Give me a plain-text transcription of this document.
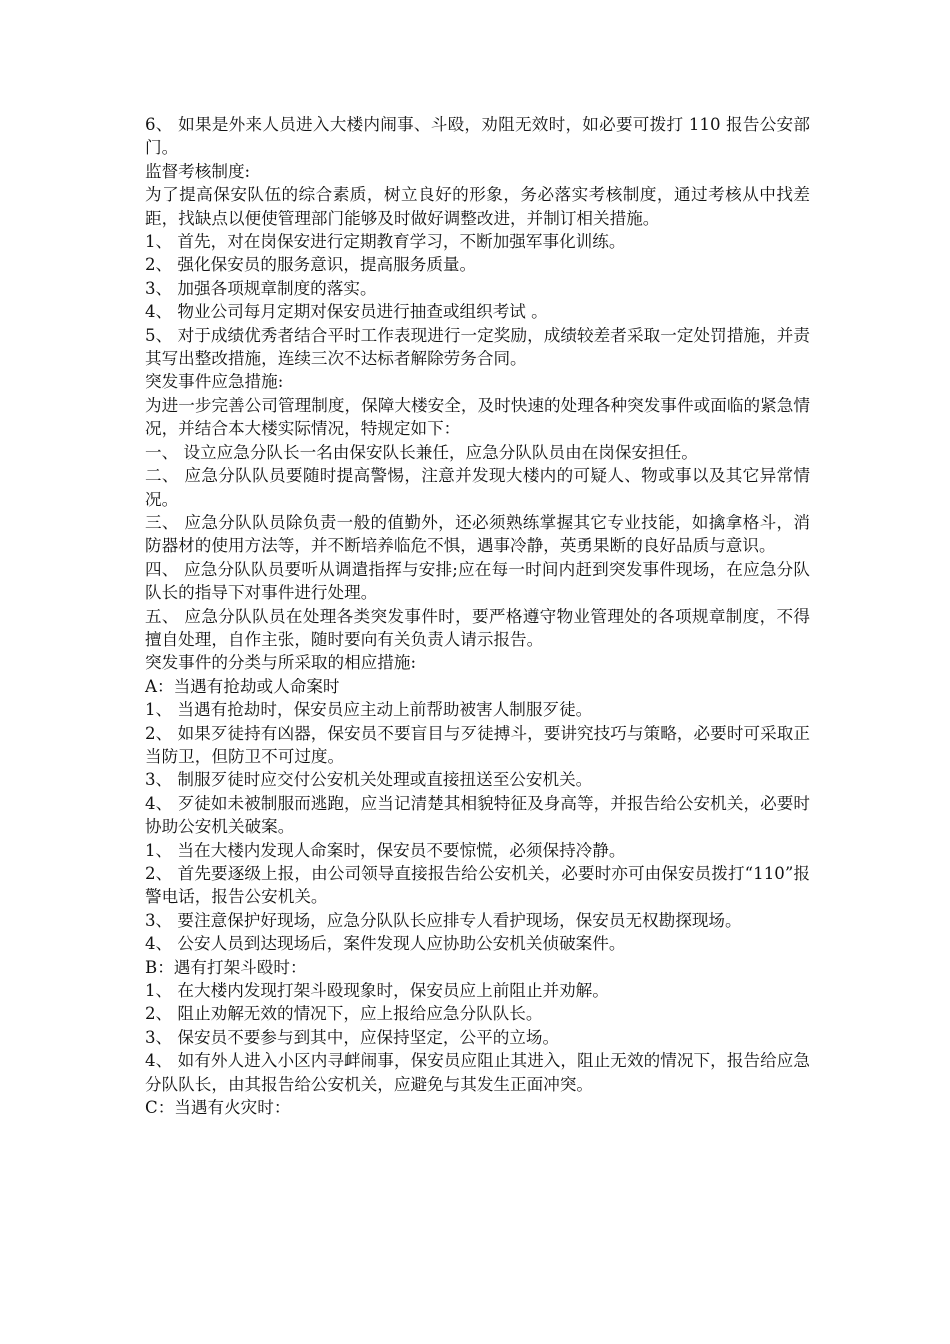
6、 如果是外来人员进入大楼内闹事、斗殴，劝阻无效时，如必要可拨打 110 报告公安部门。

监督考核制度:

为了提高保安队伍的综合素质，树立良好的形象，务必落实考核制度，通过考核从中找差距，找缺点以便使管理部门能够及时做好调整改进，并制订相关措施。

1、 首先，对在岗保安进行定期教育学习，不断加强军事化训练。

2、 强化保安员的服务意识，提高服务质量。

3、 加强各项规章制度的落实。

4、 物业公司每月定期对保安员进行抽查或组织考试 。

5、 对于成绩优秀者结合平时工作表现进行一定奖励，成绩较差者采取一定处罚措施，并责其写出整改措施，连续三次不达标者解除劳务合同。

突发事件应急措施:

为进一步完善公司管理制度，保障大楼安全，及时快速的处理各种突发事件或面临的紧急情况，并结合本大楼实际情况，特规定如下：

一、 设立应急分队长一名由保安队长兼任，应急分队队员由在岗保安担任。

二、 应急分队队员要随时提高警惕，注意并发现大楼内的可疑人、物或事以及其它异常情况。

三、 应急分队队员除负责一般的值勤外，还必须熟练掌握其它专业技能，如擒拿格斗，消防器材的使用方法等，并不断培养临危不惧，遇事冷静，英勇果断的良好品质与意识。

四、 应急分队队员要听从调遣指挥与安排;应在每一时间内赶到突发事件现场，在应急分队队长的指导下对事件进行处理。

五、 应急分队队员在处理各类突发事件时，要严格遵守物业管理处的各项规章制度，不得擅自处理，自作主张，随时要向有关负责人请示报告。

突发事件的分类与所采取的相应措施:

A：当遇有抢劫或人命案时

1、 当遇有抢劫时，保安员应主动上前帮助被害人制服歹徒。

2、 如果歹徒持有凶器，保安员不要盲目与歹徒搏斗，要讲究技巧与策略，必要时可采取正当防卫，但防卫不可过度。

3、 制服歹徒时应交付公安机关处理或直接扭送至公安机关。

4、 歹徒如未被制服而逃跑，应当记清楚其相貌特征及身高等，并报告给公安机关，必要时协助公安机关破案。

1、 当在大楼内发现人命案时，保安员不要惊慌，必须保持冷静。

2、 首先要逐级上报，由公司领导直接报告给公安机关，必要时亦可由保安员拨打“110”报警电话，报告公安机关。

3、 要注意保护好现场，应急分队队长应排专人看护现场，保安员无权勘探现场。

4、 公安人员到达现场后，案件发现人应协助公安机关侦破案件。

B：遇有打架斗殴时：

1、 在大楼内发现打架斗殴现象时，保安员应上前阻止并劝解。

2、 阻止劝解无效的情况下，应上报给应急分队队长。

3、 保安员不要参与到其中，应保持坚定，公平的立场。

4、 如有外人进入小区内寻衅闹事，保安员应阻止其进入，阻止无效的情况下，报告给应急分队队长，由其报告给公安机关，应避免与其发生正面冲突。

C：当遇有火灾时：
